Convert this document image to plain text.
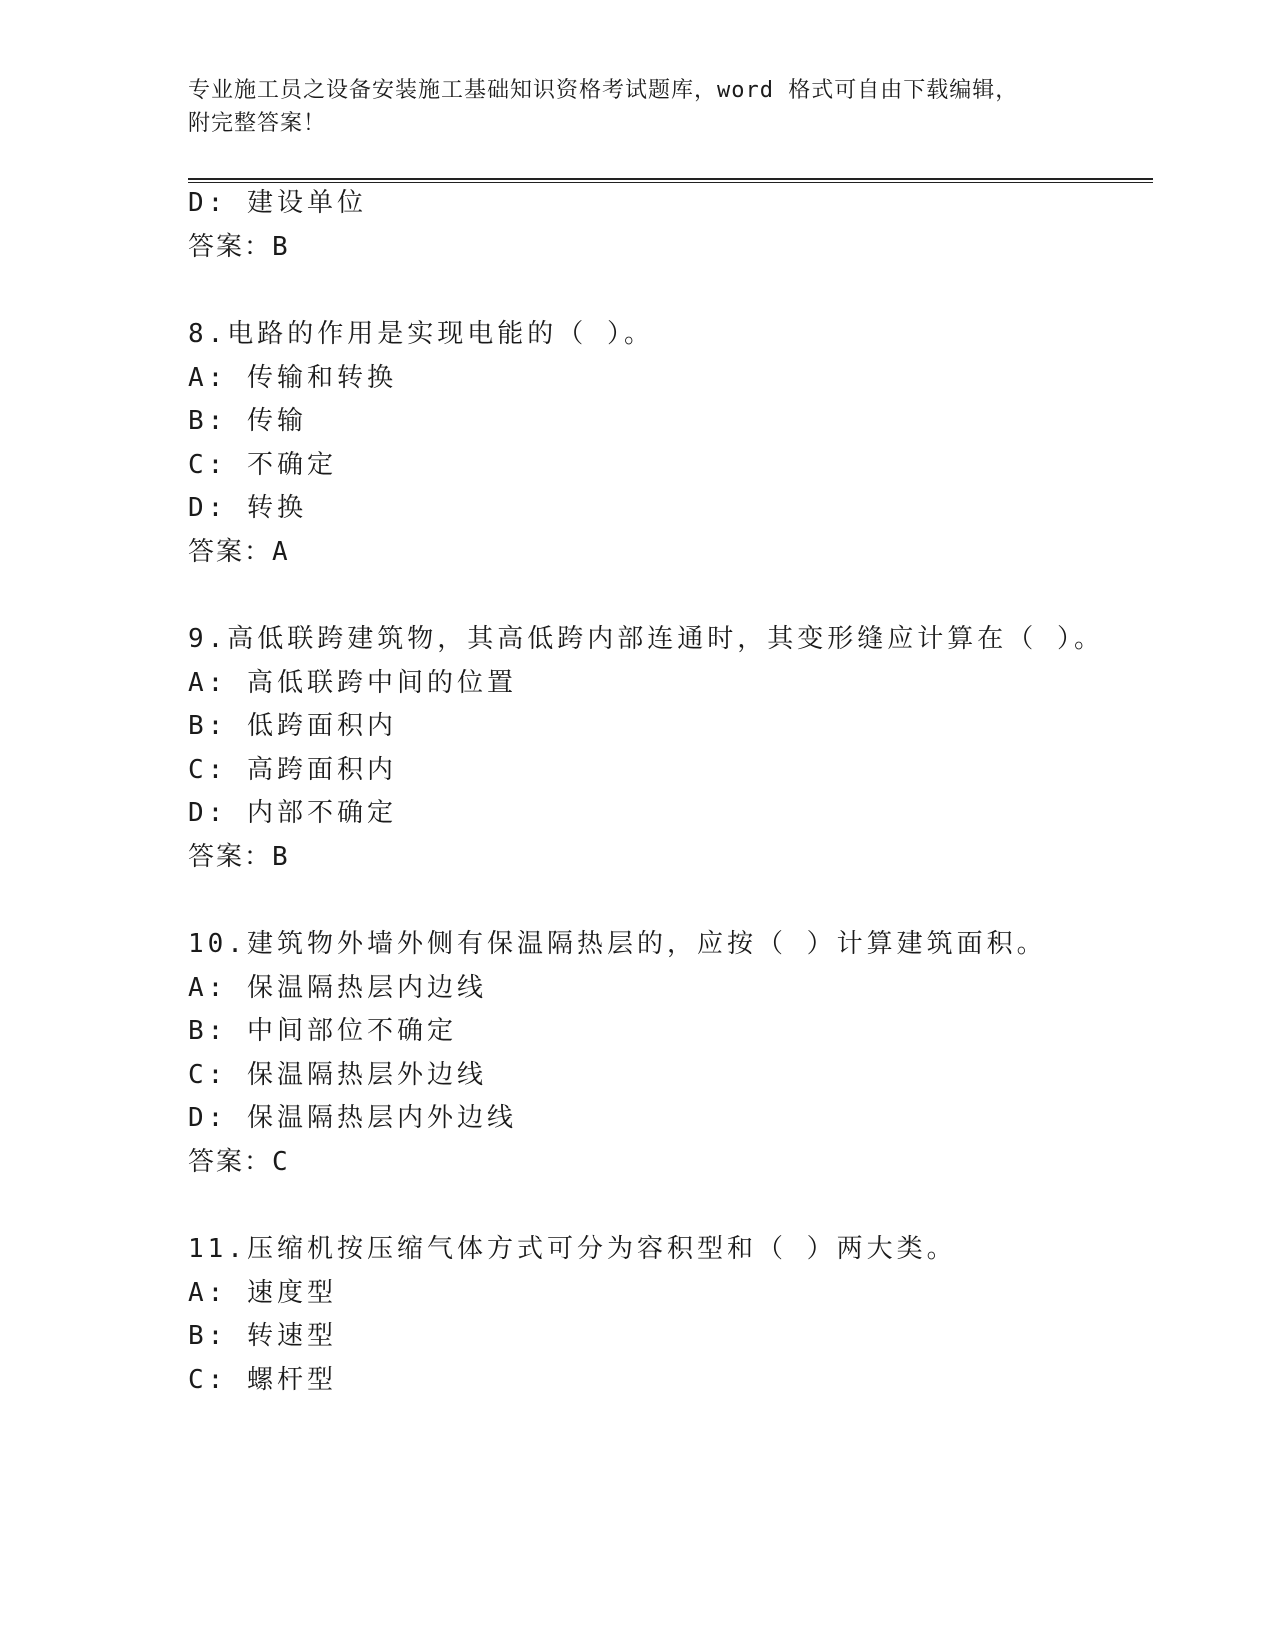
专业施工员之设备安装施工基础知识资格考试题库，word 格式可自由下载编辑，
附完整答案！
D: 建设单位
答案：B
8.电路的作用是实现电能的（ ）。
A: 传输和转换
B: 传输
C: 不确定
D: 转换
答案：A
9.高低联跨建筑物，其高低跨内部连通时，其变形缝应计算在（ ）。
A: 高低联跨中间的位置
B: 低跨面积内
C: 高跨面积内
D: 内部不确定
答案：B
10.建筑物外墙外侧有保温隔热层的，应按（ ）计算建筑面积。
A: 保温隔热层内边线
B: 中间部位不确定
C: 保温隔热层外边线
D: 保温隔热层内外边线
答案：C
11.压缩机按压缩气体方式可分为容积型和（ ）两大类。
A: 速度型
B: 转速型
C: 螺杆型
